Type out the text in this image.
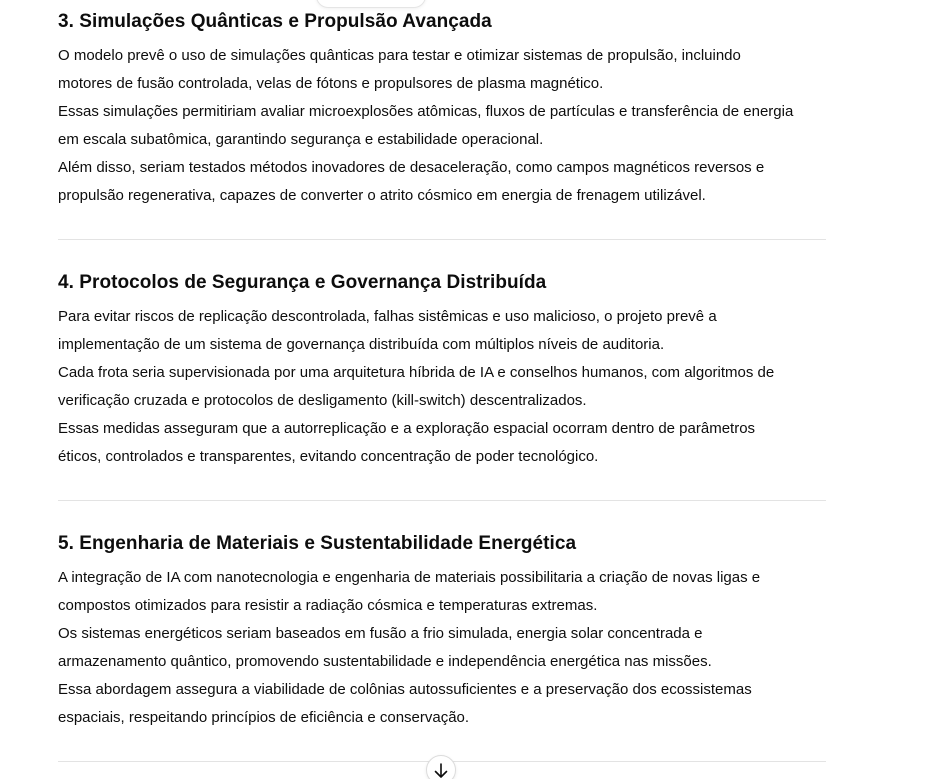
3. Simulações Quânticas e Propulsão Avançada

O modelo prevê o uso de simulações quânticas para testar e otimizar sistemas de propulsão, incluindo

motores de fusão controlada, velas de fótons e propulsores de plasma magnético.

Essas simulações permitiriam avaliar microexplosões atômicas, fluxos de partículas e transferência de energia

em escala subatômica, garantindo segurança e estabilidade operacional.

Além disso, seriam testados métodos inovadores de desaceleração, como campos magnéticos reversos e

propulsão regenerativa, capazes de converter o atrito cósmico em energia de frenagem utilizável.

4. Protocolos de Segurança e Governança Distribuída

Para evitar riscos de replicação descontrolada, falhas sistêmicas e uso malicioso, o projeto prevê a

implementação de um sistema de governança distribuída com múltiplos níveis de auditoria.

Cada frota seria supervisionada por uma arquitetura híbrida de IA e conselhos humanos, com algoritmos de

verificação cruzada e protocolos de desligamento (kill-switch) descentralizados.

Essas medidas asseguram que a autorreplicação e a exploração espacial ocorram dentro de parâmetros

éticos, controlados e transparentes, evitando concentração de poder tecnológico.

5. Engenharia de Materiais e Sustentabilidade Energética

A integração de IA com nanotecnologia e engenharia de materiais possibilitaria a criação de novas ligas e

compostos otimizados para resistir a radiação cósmica e temperaturas extremas.

Os sistemas energéticos seriam baseados em fusão a frio simulada, energia solar concentrada e

armazenamento quântico, promovendo sustentabilidade e independência energética nas missões.

Essa abordagem assegura a viabilidade de colônias autossuficientes e a preservação dos ecossistemas

espaciais, respeitando princípios de eficiência e conservação.
